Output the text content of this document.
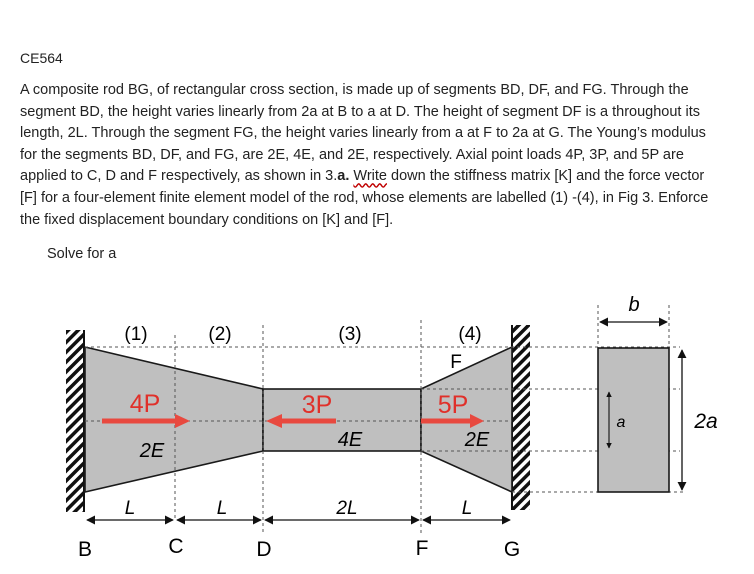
CE564
A composite rod BG, of rectangular cross section, is made up of segments BD, DF, and FG. Through the segment BD, the height varies linearly from 2a at B to a at D. The height of segment DF is a throughout its length, 2L. Through the segment FG, the height varies linearly from a at F to 2a at G. The Young’s modulus for the segments BD, DF, and FG, are 2E, 4E, and 2E, respectively. Axial point loads 4P, 3P, and 5P are applied to C, D and F respectively, as shown in 3.a. Write down the stiffness matrix [K] and the force vector [F] for a four-element finite element model of the rod, whose elements are labelled (1) -(4), in Fig 3. Enforce the fixed displacement boundary conditions on [K] and [F].
Solve for a
(1)	(2)	(3)	(4)
F
4P	3P	5P
2E	4E	2E
L	L	2L	L
B	C	D	F	G
b
a	2a
